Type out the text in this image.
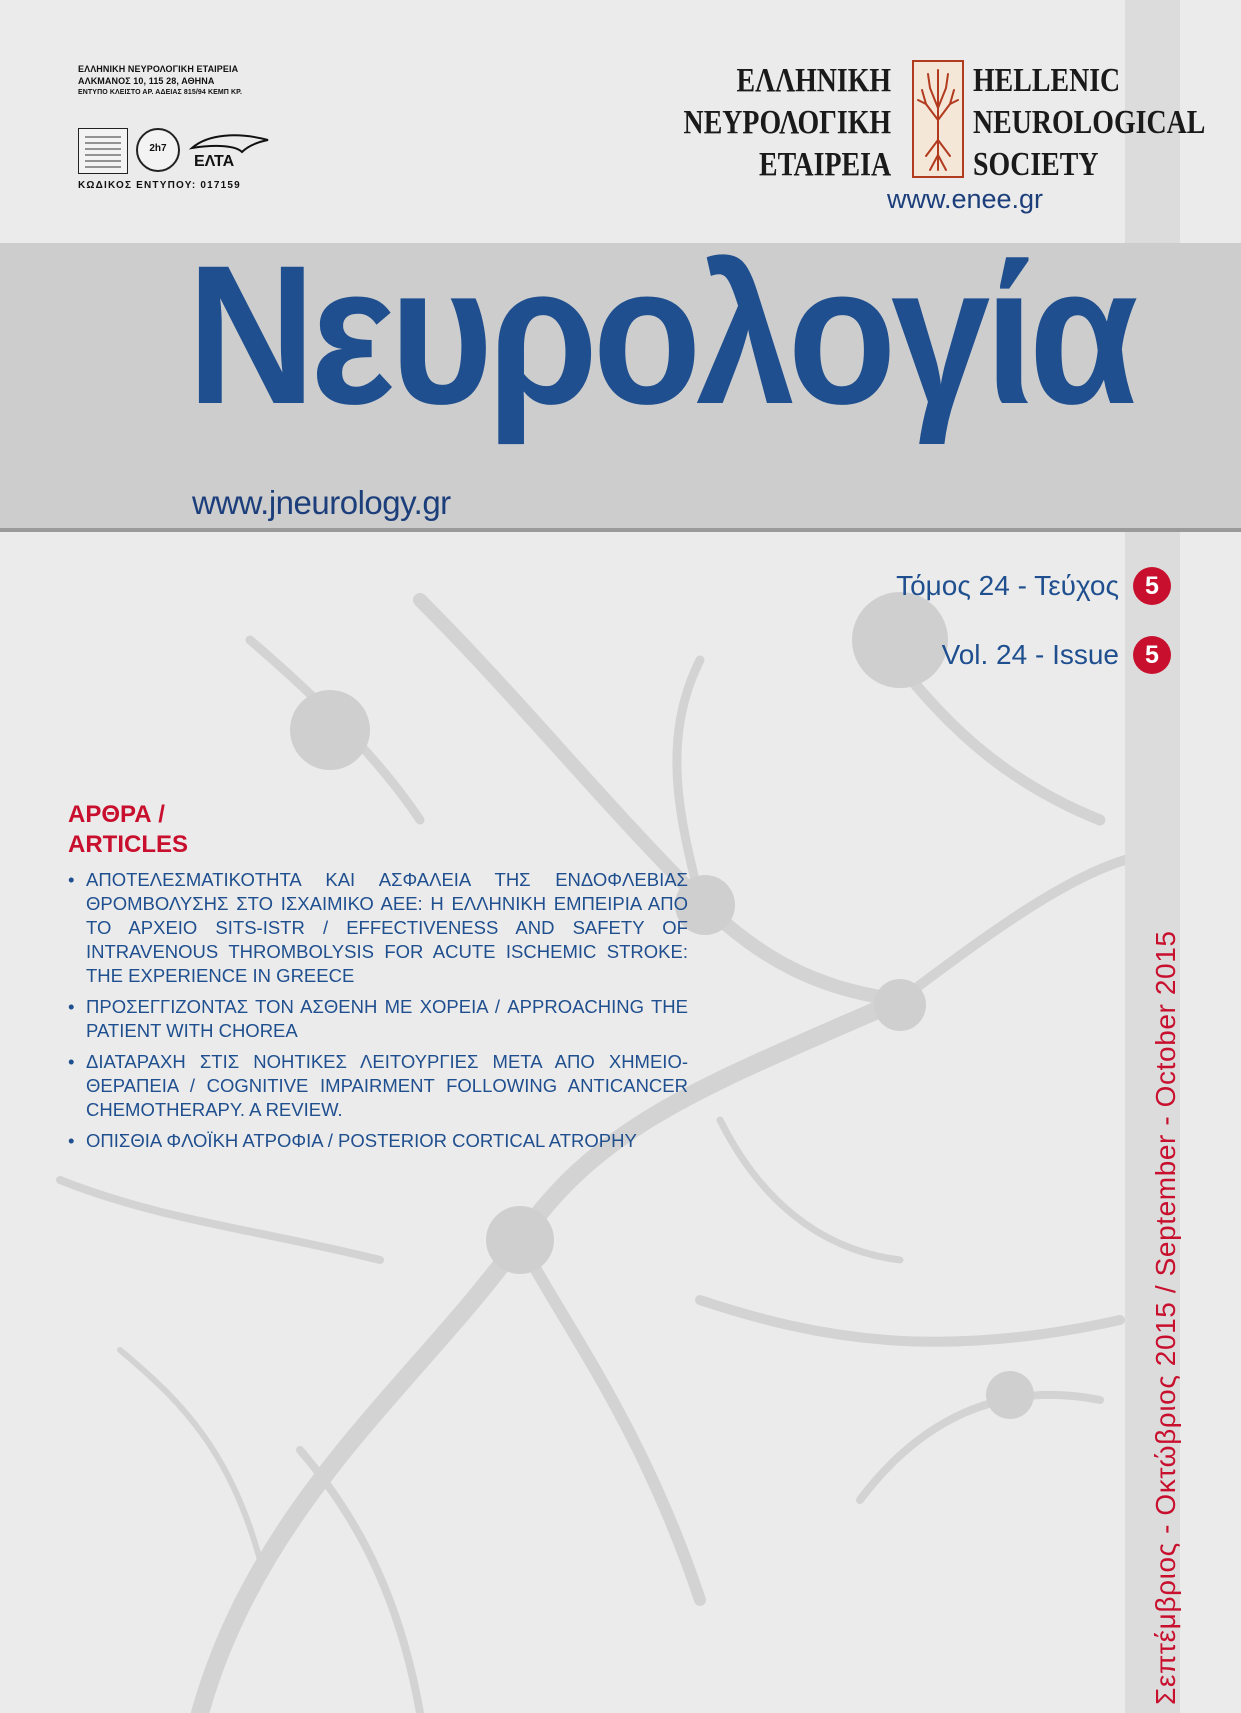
ΕΛΛΗΝΙΚΗ ΝΕΥΡΟΛΟΓΙΚΗ ΕΤΑΙΡΕΙΑ
ΑΛΚΜΑΝΟΣ 10, 115 28, ΑΘΗΝΑ
ΕΝΤΥΠΟ ΚΛΕΙΣΤΟ ΑΡ. ΑΔΕΙΑΣ 815/94 ΚΕΜΠ ΚΡ.
2h7
ΕΛΤΑ
ΚΩΔΙΚΟΣ ΕΝΤΥΠΟΥ: 017159
ΕΛΛΗΝΙΚΗ
ΝΕΥΡΟΛΟΓΙΚΗ
ΕΤΑΙΡΕΙΑ
HELLENIC
NEUROLOGICAL
SOCIETY
www.enee.gr
Νευρολογία
www.jneurology.gr
Τόμος 24 - Τεύχος	5
Vol. 24 - Issue	5
ΑΡΘΡΑ /
ARTICLES
• ΑΠΟΤΕΛΕΣΜΑΤΙΚΟΤΗΤΑ ΚΑΙ ΑΣΦΑΛΕΙΑ ΤΗΣ ΕΝΔΟΦΛΕΒΙΑΣ ΘΡΟΜΒΟΛΥΣΗΣ ΣΤΟ ΙΣΧΑΙΜΙΚΟ ΑΕΕ: Η ΕΛΛΗΝΙΚΗ ΕΜΠΕΙΡΙΑ ΑΠΟ ΤΟ ΑΡΧΕΙΟ SITS-ISTR / EFFECTIVENESS AND SAFETY OF INTRAVENOUS THROMBOLYSIS FOR ACUTE ISCHEMIC STROKE: THE EXPERIENCE IN GREECE
• ΠΡΟΣΕΓΓΙΖΟΝΤΑΣ ΤΟΝ ΑΣΘΕΝΗ ΜΕ ΧΟΡΕΙΑ / APPROACHING THE PATIENT WITH CHOREA
• ΔΙΑΤΑΡΑΧΗ ΣΤΙΣ ΝΟΗΤΙΚΕΣ ΛΕΙΤΟΥΡΓΙΕΣ ΜΕΤΑ ΑΠΟ ΧΗΜΕΙΟ-ΘΕΡΑΠΕΙΑ / COGNITIVE IMPAIRMENT FOLLOWING ANTICANCER CHEMOTHERAPY. A REVIEW.
• ΟΠΙΣΘΙΑ ΦΛΟΪΚΗ ΑΤΡΟΦΙΑ / POSTERIOR CORTICAL ATROPHY	Σεπτέμβριος - Οκτώβριος 2015 / September - October 2015
